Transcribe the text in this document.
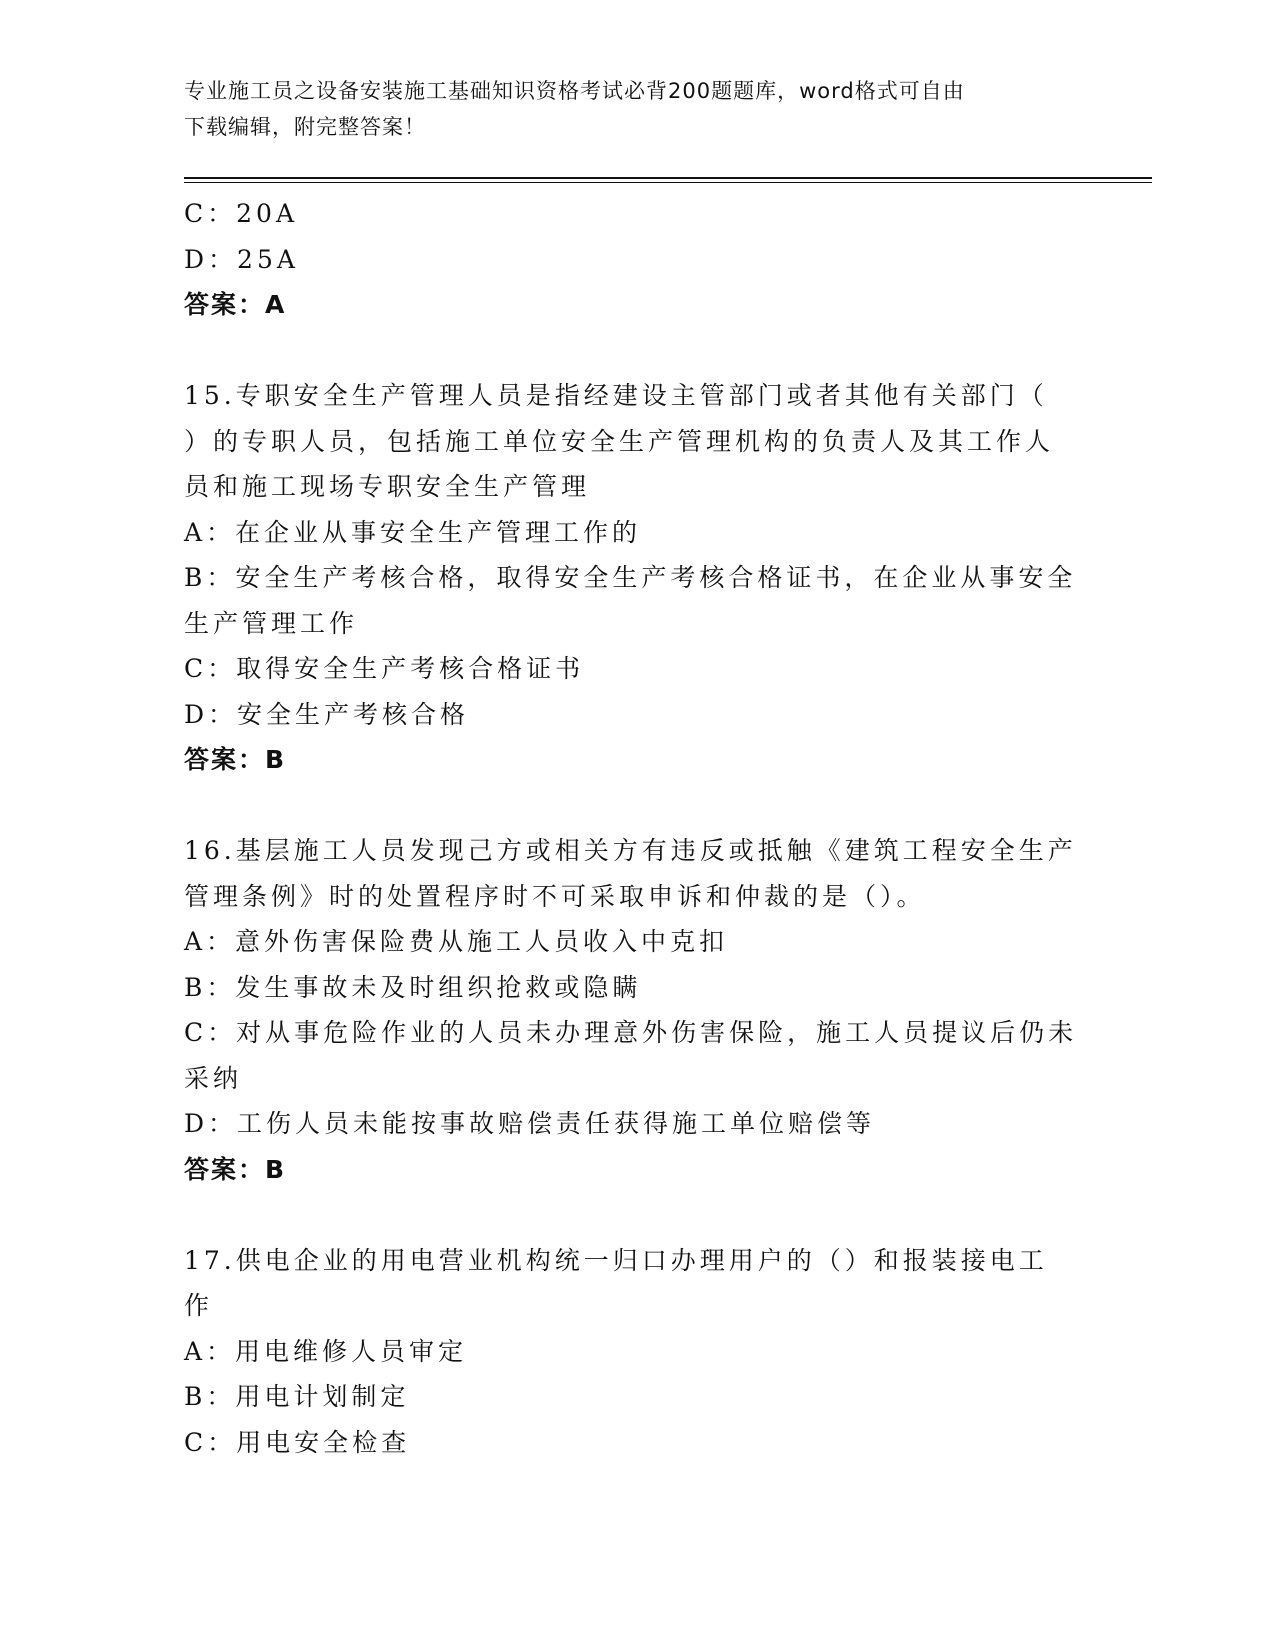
专业施工员之设备安装施工基础知识资格考试必背200题题库，word格式可自由
下载编辑，附完整答案！
C：20A
D：25A
答案：A
15.专职安全生产管理人员是指经建设主管部门或者其他有关部门（
）的专职人员，包括施工单位安全生产管理机构的负责人及其工作人
员和施工现场专职安全生产管理
A：在企业从事安全生产管理工作的
B：安全生产考核合格，取得安全生产考核合格证书，在企业从事安全
生产管理工作
C：取得安全生产考核合格证书
D：安全生产考核合格
答案：B
16.基层施工人员发现己方或相关方有违反或抵触《建筑工程安全生产
管理条例》时的处置程序时不可采取申诉和仲裁的是（）。
A：意外伤害保险费从施工人员收入中克扣
B：发生事故未及时组织抢救或隐瞒
C：对从事危险作业的人员未办理意外伤害保险，施工人员提议后仍未
采纳
D：工伤人员未能按事故赔偿责任获得施工单位赔偿等
答案：B
17.供电企业的用电营业机构统一归口办理用户的（）和报装接电工
作
A：用电维修人员审定
B：用电计划制定
C：用电安全检查
